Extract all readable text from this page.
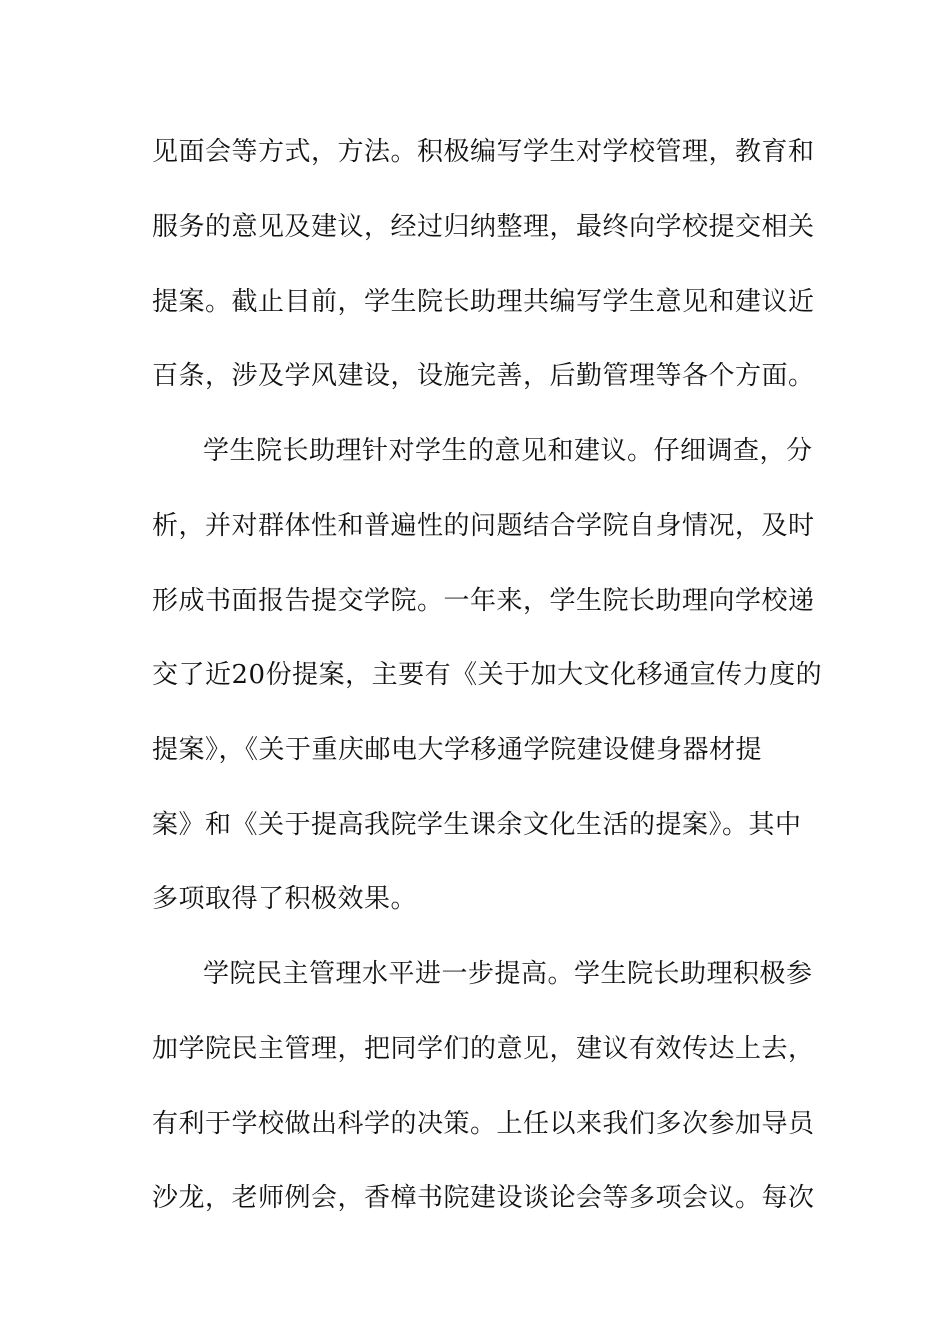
见面会等方式，方法。积极编写学生对学校管理，教育和
服务的意见及建议，经过归纳整理，最终向学校提交相关
提案。截止目前，学生院长助理共编写学生意见和建议近
百条，涉及学风建设，设施完善，后勤管理等各个方面。
学生院长助理针对学生的意见和建议。仔细调查，分
析，并对群体性和普遍性的问题结合学院自身情况，及时
形成书面报告提交学院。一年来，学生院长助理向学校递
交了近20份提案，主要有《关于加大文化移通宣传力度的
提案》，《关于重庆邮电大学移通学院建设健身器材提
案》和《关于提高我院学生课余文化生活的提案》。其中
多项取得了积极效果。
学院民主管理水平进一步提高。学生院长助理积极参
加学院民主管理，把同学们的意见，建议有效传达上去，
有利于学校做出科学的决策。上任以来我们多次参加导员
沙龙，老师例会，香樟书院建设谈论会等多项会议。每次
